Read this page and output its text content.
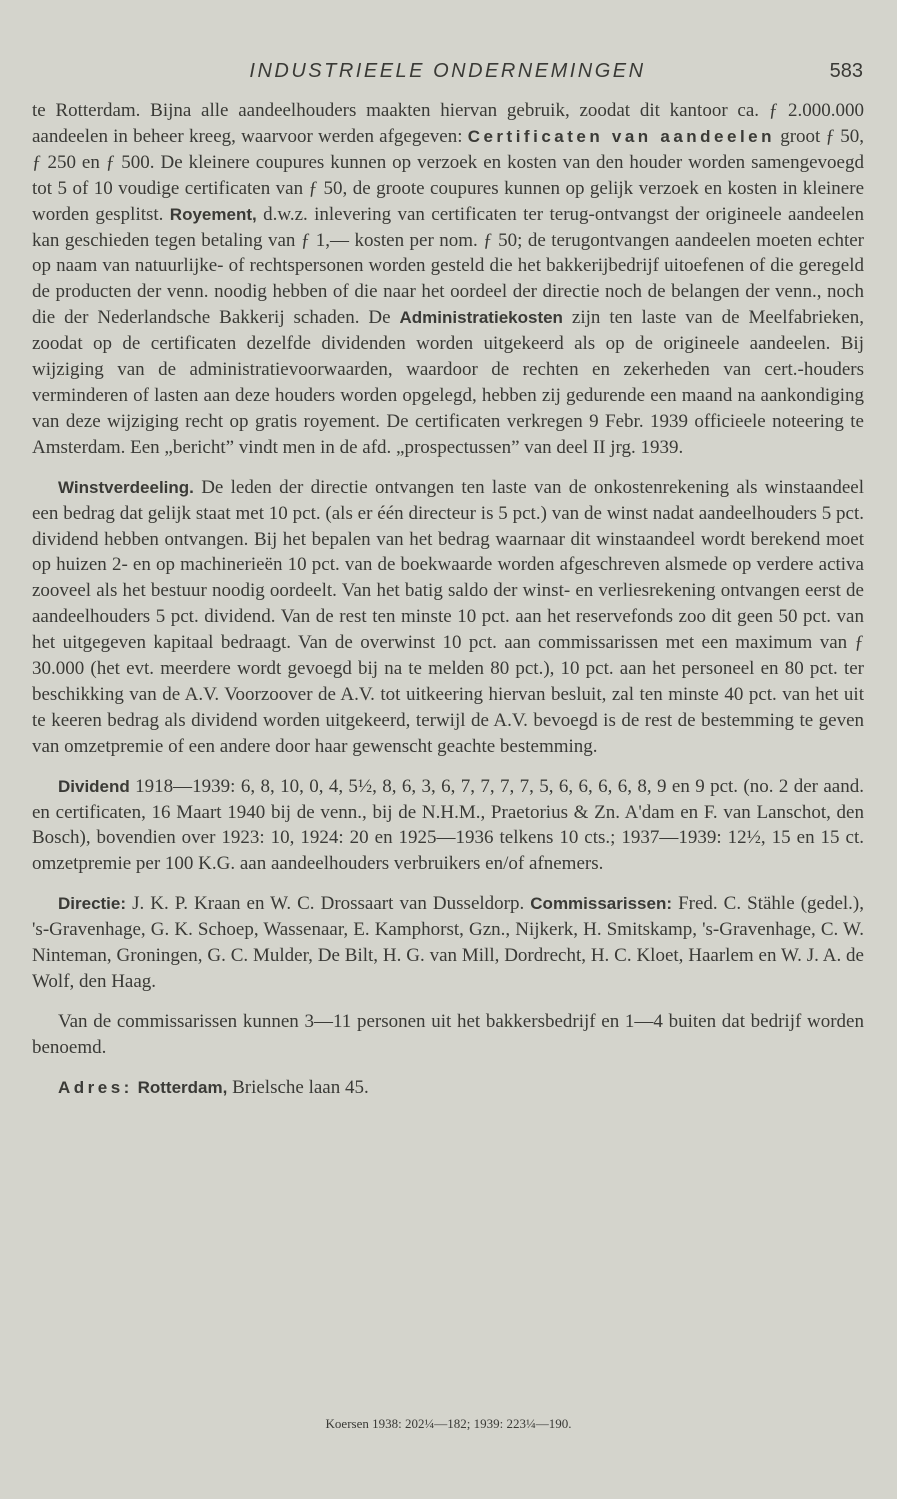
INDUSTRIEELE ONDERNEMINGEN	583

te Rotterdam. Bijna alle aandeelhouders maakten hiervan gebruik, zoodat dit kantoor ca. ƒ 2.000.000 aandeelen in beheer kreeg, waarvoor werden afgegeven: Certificaten van aandeelen groot ƒ 50, ƒ 250 en ƒ 500. De kleinere coupures kunnen op verzoek en kosten van den houder worden samengevoegd tot 5 of 10 voudige certificaten van ƒ 50, de groote coupures kunnen op gelijk verzoek en kosten in kleinere worden gesplitst. Royement, d.w.z. inlevering van certificaten ter terug-ontvangst der origineele aandeelen kan geschieden tegen betaling van ƒ 1,— kosten per nom. ƒ 50; de terugontvangen aandeelen moeten echter op naam van natuurlijke- of rechtspersonen worden gesteld die het bakkerijbedrijf uitoefenen of die geregeld de producten der venn. noodig hebben of die naar het oordeel der directie noch de belangen der venn., noch die der Nederlandsche Bakkerij schaden. De Administratiekosten zijn ten laste van de Meelfabrieken, zoodat op de certificaten dezelfde dividenden worden uitgekeerd als op de origineele aandeelen. Bij wijziging van de administratievoorwaarden, waardoor de rechten en zekerheden van cert.-houders verminderen of lasten aan deze houders worden opgelegd, hebben zij gedurende een maand na aankondiging van deze wijziging recht op gratis royement. De certificaten verkregen 9 Febr. 1939 officieele noteering te Amsterdam. Een „bericht” vindt men in de afd. „prospectussen” van deel II jrg. 1939.

Winstverdeeling. De leden der directie ontvangen ten laste van de onkostenrekening als winstaandeel een bedrag dat gelijk staat met 10 pct. (als er één directeur is 5 pct.) van de winst nadat aandeelhouders 5 pct. dividend hebben ontvangen. Bij het bepalen van het bedrag waarnaar dit winstaandeel wordt berekend moet op huizen 2- en op machinerieën 10 pct. van de boekwaarde worden afgeschreven alsmede op verdere activa zooveel als het bestuur noodig oordeelt. Van het batig saldo der winst- en verliesrekening ontvangen eerst de aandeelhouders 5 pct. dividend. Van de rest ten minste 10 pct. aan het reservefonds zoo dit geen 50 pct. van het uitgegeven kapitaal bedraagt. Van de overwinst 10 pct. aan commissarissen met een maximum van ƒ 30.000 (het evt. meerdere wordt gevoegd bij na te melden 80 pct.), 10 pct. aan het personeel en 80 pct. ter beschikking van de A.V. Voorzoover de A.V. tot uitkeering hiervan besluit, zal ten minste 40 pct. van het uit te keeren bedrag als dividend worden uitgekeerd, terwijl de A.V. bevoegd is de rest de bestemming te geven van omzetpremie of een andere door haar gewenscht geachte bestemming.

Dividend 1918—1939: 6, 8, 10, 0, 4, 5½, 8, 6, 3, 6, 7, 7, 7, 7, 5, 6, 6, 6, 6, 8, 9 en 9 pct. (no. 2 der aand. en certificaten, 16 Maart 1940 bij de venn., bij de N.H.M., Praetorius & Zn. A'dam en F. van Lanschot, den Bosch), bovendien over 1923: 10, 1924: 20 en 1925—1936 telkens 10 cts.; 1937—1939: 12½, 15 en 15 ct. omzetpremie per 100 K.G. aan aandeelhouders verbruikers en/of afnemers.

Directie: J. K. P. Kraan en W. C. Drossaart van Dusseldorp. Commissarissen: Fred. C. Stähle (gedel.), 's-Gravenhage, G. K. Schoep, Wassenaar, E. Kamphorst, Gzn., Nijkerk, H. Smitskamp, 's-Gravenhage, C. W. Ninteman, Groningen, G. C. Mulder, De Bilt, H. G. van Mill, Dordrecht, H. C. Kloet, Haarlem en W. J. A. de Wolf, den Haag.

Van de commissarissen kunnen 3—11 personen uit het bakkersbedrijf en 1—4 buiten dat bedrijf worden benoemd.

Adres: Rotterdam, Brielsche laan 45.

Koersen 1938: 202¼—182; 1939: 223¼—190.
